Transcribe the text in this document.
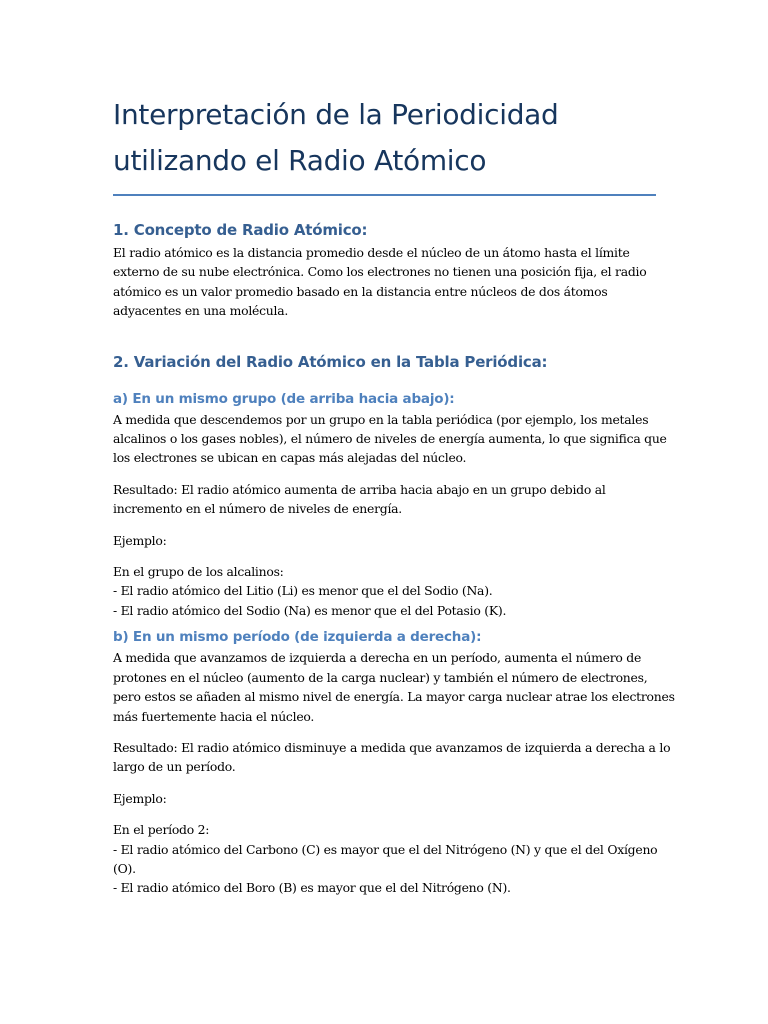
Interpretación de la Periodicidad
utilizando el Radio Atómico
1. Concepto de Radio Atómico:

El radio atómico es la distancia promedio desde el núcleo de un átomo hasta el límite
externo de su nube electrónica. Como los electrones no tienen una posición fija, el radio
atómico es un valor promedio basado en la distancia entre núcleos de dos átomos
adyacentes en una molécula.

2. Variación del Radio Atómico en la Tabla Periódica:
a) En un mismo grupo (de arriba hacia abajo):

A medida que descendemos por un grupo en la tabla periódica (por ejemplo, los metales
alcalinos o los gases nobles), el número de niveles de energía aumenta, lo que significa que
los electrones se ubican en capas más alejadas del núcleo.

Resultado: El radio atómico aumenta de arriba hacia abajo en un grupo debido al
incremento en el número de niveles de energía.

Ejemplo:

En el grupo de los alcalinos:
- El radio atómico del Litio (Li) es menor que el del Sodio (Na).
- El radio atómico del Sodio (Na) es menor que el del Potasio (K).

b) En un mismo período (de izquierda a derecha):

A medida que avanzamos de izquierda a derecha en un período, aumenta el número de
protones en el núcleo (aumento de la carga nuclear) y también el número de electrones,
pero estos se añaden al mismo nivel de energía. La mayor carga nuclear atrae los electrones
más fuertemente hacia el núcleo.

Resultado: El radio atómico disminuye a medida que avanzamos de izquierda a derecha a lo
largo de un período.

Ejemplo:

En el período 2:
- El radio atómico del Carbono (C) es mayor que el del Nitrógeno (N) y que el del Oxígeno
(O).
- El radio atómico del Boro (B) es mayor que el del Nitrógeno (N).
